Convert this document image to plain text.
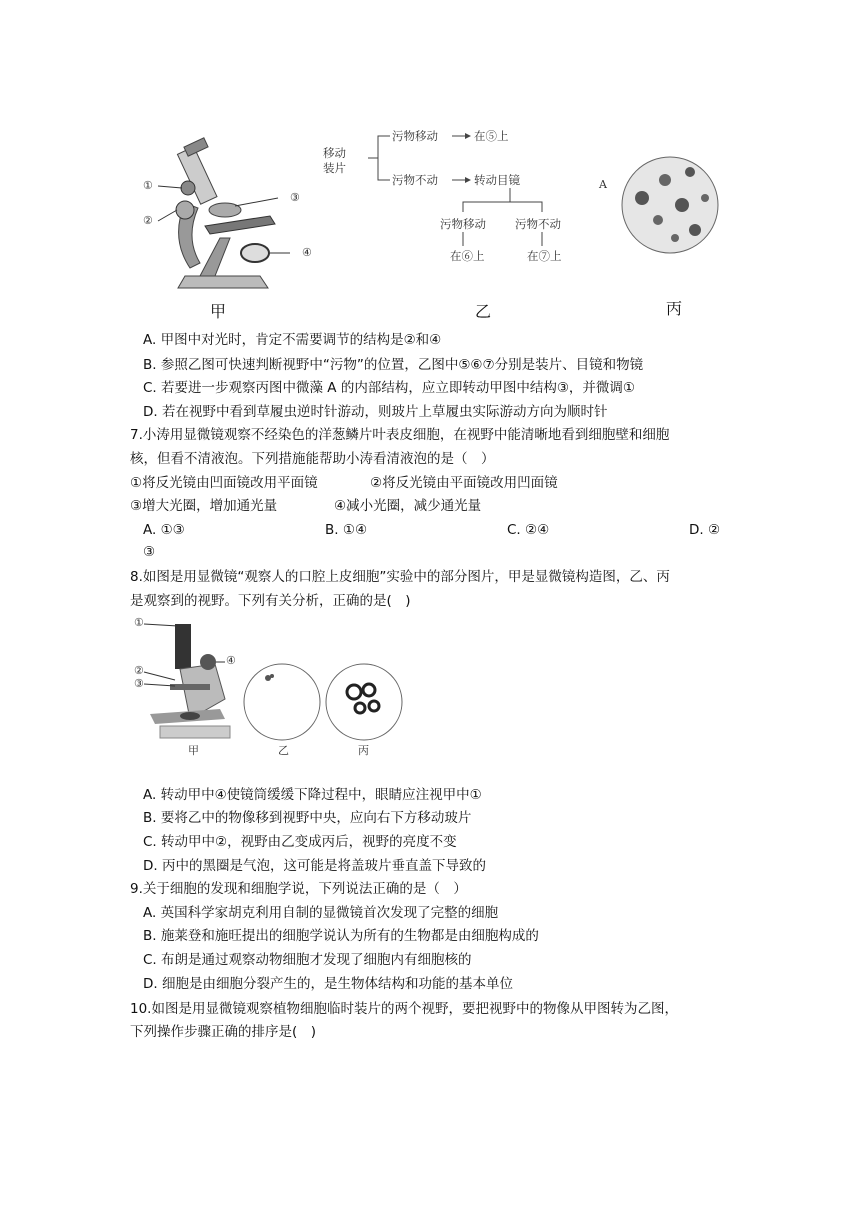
①
②
③
④
甲
移动
装片
污物移动	在⑤上
污物不动	转动目镜
污物移动	污物不动
在⑥上	在⑦上
乙
A
丙
A. 甲图中对光时，肯定不需要调节的结构是②和④
B. 参照乙图可快速判断视野中“污物”的位置，乙图中⑤⑥⑦分别是装片、目镜和物镜
C. 若要进一步观察丙图中微藻 A 的内部结构，应立即转动甲图中结构③，并微调①
D. 若在视野中看到草履虫逆时针游动，则玻片上草履虫实际游动方向为顺时针
7.小涛用显微镜观察不经染色的洋葱鳞片叶表皮细胞，在视野中能清晰地看到细胞壁和细胞
核，但看不清液泡。下列措施能帮助小涛看清液泡的是（　）
①将反光镜由凹面镜改用平面镜	②将反光镜由平面镜改用凹面镜
③增大光圈，增加通光量	④减小光圈，减少通光量
A. ①③	B. ①④	C. ②④	D. ②
③
8.如图是用显微镜“观察人的口腔上皮细胞”实验中的部分图片，甲是显微镜构造图，乙、丙
是观察到的视野。下列有关分析，正确的是(　)
①
②
③
④
甲	乙	丙
A. 转动甲中④使镜筒缓缓下降过程中，眼睛应注视甲中①
B. 要将乙中的物像移到视野中央，应向右下方移动玻片
C. 转动甲中②，视野由乙变成丙后，视野的亮度不变
D. 丙中的黑圈是气泡，这可能是将盖玻片垂直盖下导致的
9.关于细胞的发现和细胞学说，下列说法正确的是（　）
A. 英国科学家胡克利用自制的显微镜首次发现了完整的细胞
B. 施莱登和施旺提出的细胞学说认为所有的生物都是由细胞构成的
C. 布朗是通过观察动物细胞才发现了细胞内有细胞核的
D. 细胞是由细胞分裂产生的，是生物体结构和功能的基本单位
10.如图是用显微镜观察植物细胞临时装片的两个视野，要把视野中的物像从甲图转为乙图，
下列操作步骤正确的排序是(　)
